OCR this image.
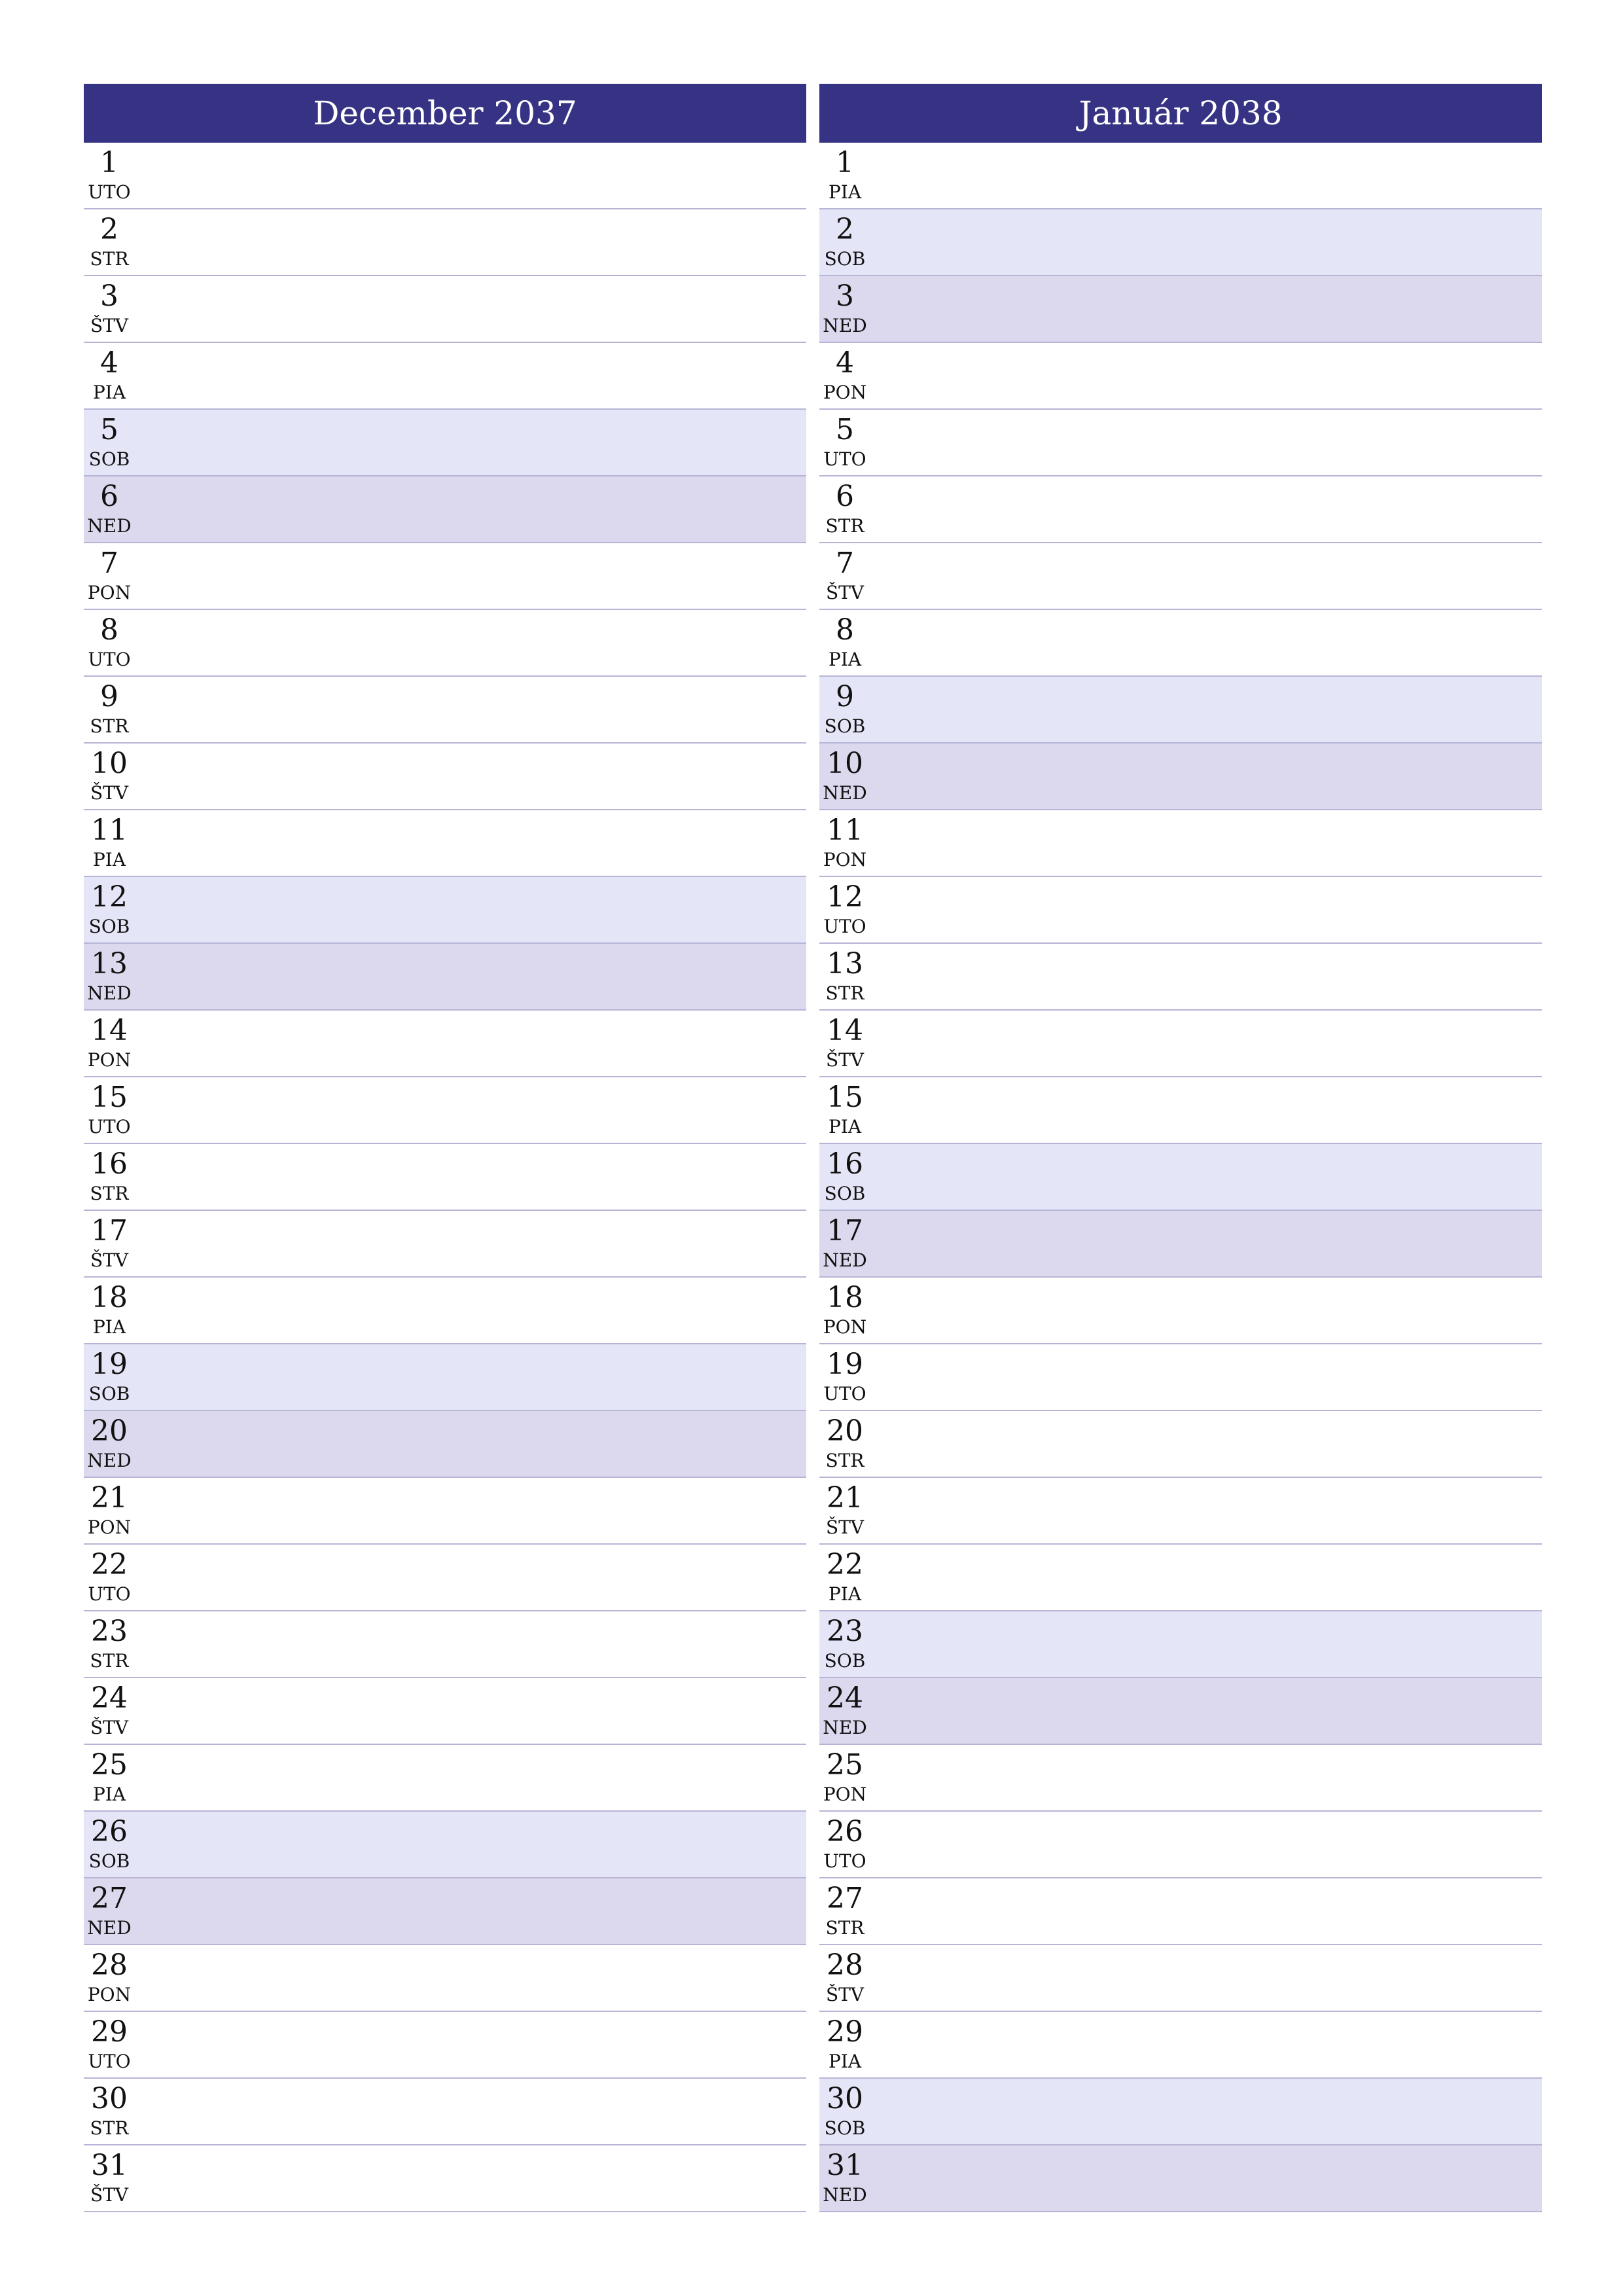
December 2037
1
UTO
2
STR
3
ŠTV
4
PIA
5
SOB
6
NED
7
PON
8
UTO
9
STR
10
ŠTV
11
PIA
12
SOB
13
NED
14
PON
15
UTO
16
STR
17
ŠTV
18
PIA
19
SOB
20
NED
21
PON
22
UTO
23
STR
24
ŠTV
25
PIA
26
SOB
27
NED
28
PON
29
UTO
30
STR
31
ŠTV
Január 2038
1
PIA
2
SOB
3
NED
4
PON
5
UTO
6
STR
7
ŠTV
8
PIA
9
SOB
10
NED
11
PON
12
UTO
13
STR
14
ŠTV
15
PIA
16
SOB
17
NED
18
PON
19
UTO
20
STR
21
ŠTV
22
PIA
23
SOB
24
NED
25
PON
26
UTO
27
STR
28
ŠTV
29
PIA
30
SOB
31
NED
